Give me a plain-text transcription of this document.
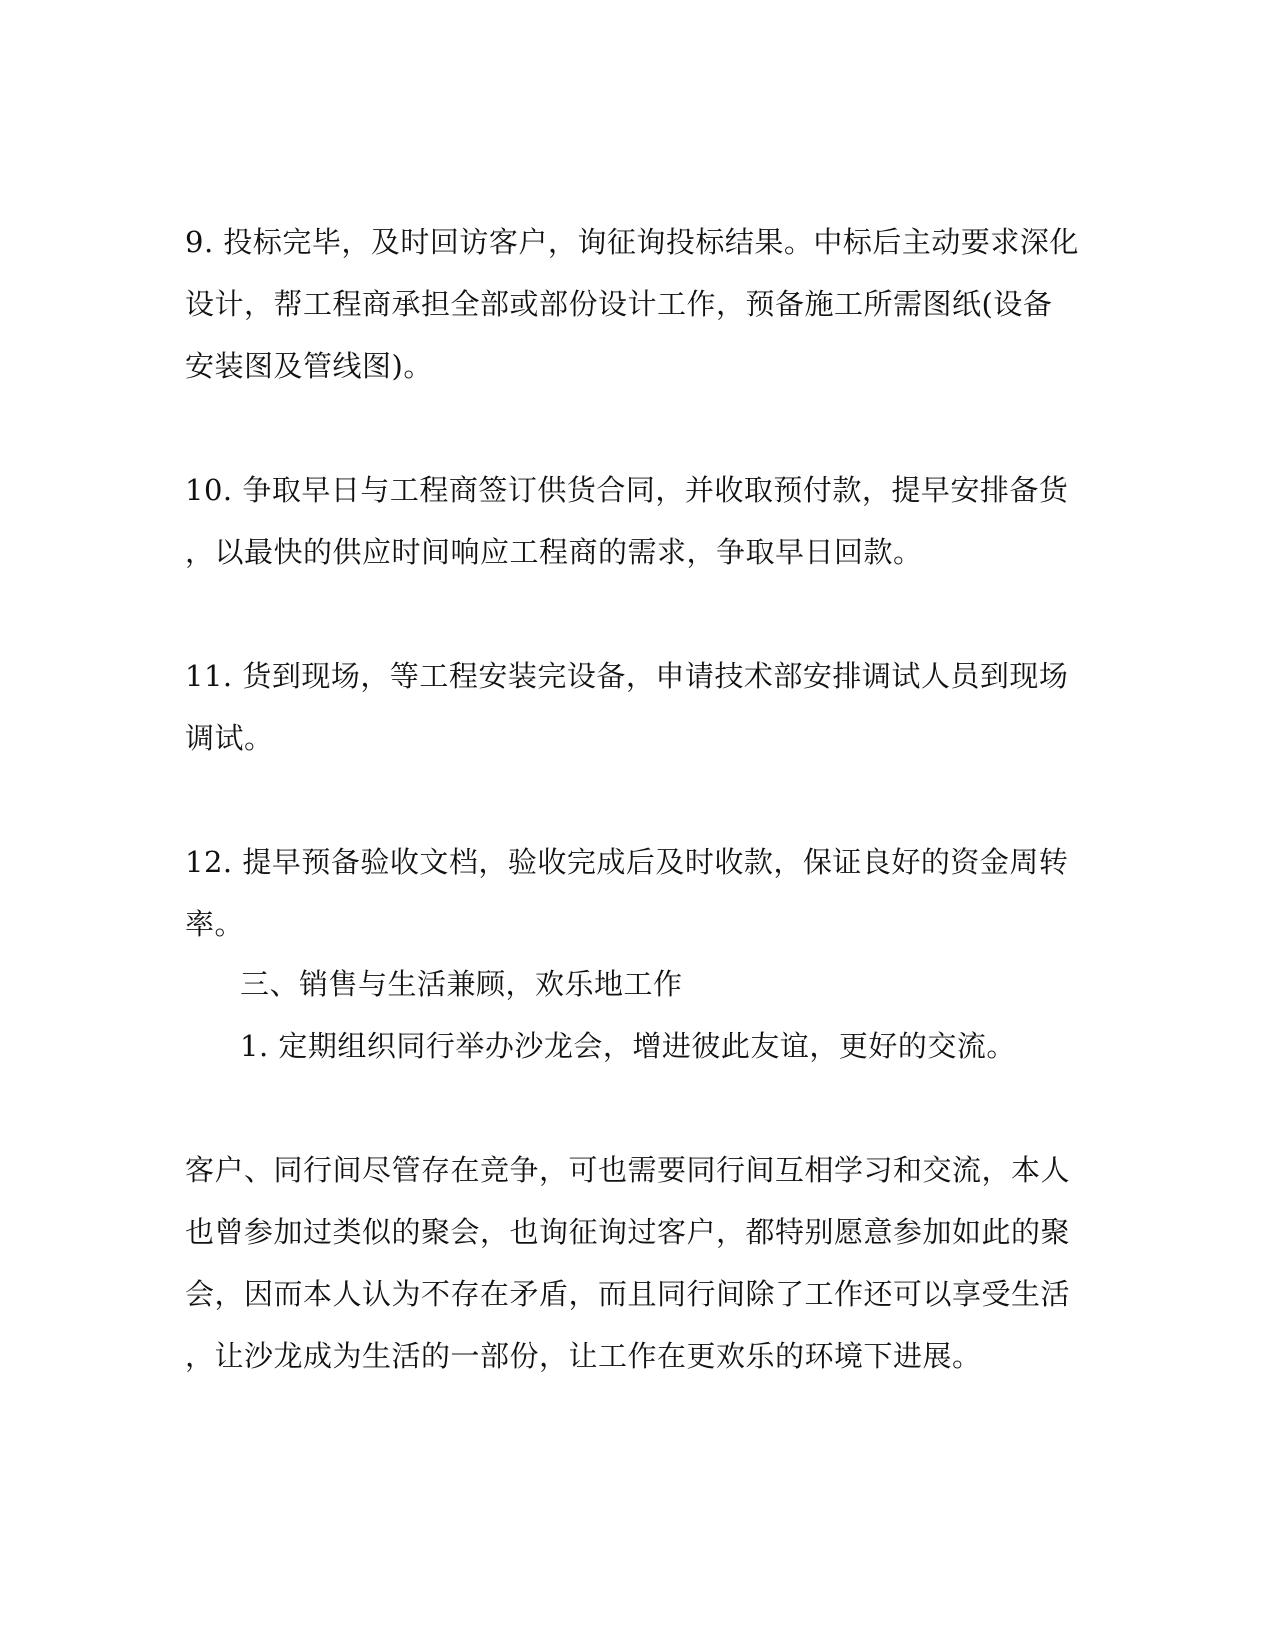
9. 投标完毕，及时回访客户，询征询投标结果。中标后主动要求深化
设计，帮工程商承担全部或部份设计工作，预备施工所需图纸(设备
安装图及管线图)。
10. 争取早日与工程商签订供货合同，并收取预付款，提早安排备货
，以最快的供应时间响应工程商的需求，争取早日回款。
11. 货到现场，等工程安装完设备，申请技术部安排调试人员到现场
调试。
12. 提早预备验收文档，验收完成后及时收款，保证良好的资金周转
率。
三、销售与生活兼顾，欢乐地工作
1. 定期组织同行举办沙龙会，增进彼此友谊，更好的交流。
客户、同行间尽管存在竞争，可也需要同行间互相学习和交流，本人
也曾参加过类似的聚会，也询征询过客户，都特别愿意参加如此的聚
会，因而本人认为不存在矛盾，而且同行间除了工作还可以享受生活
，让沙龙成为生活的一部份，让工作在更欢乐的环境下进展。
